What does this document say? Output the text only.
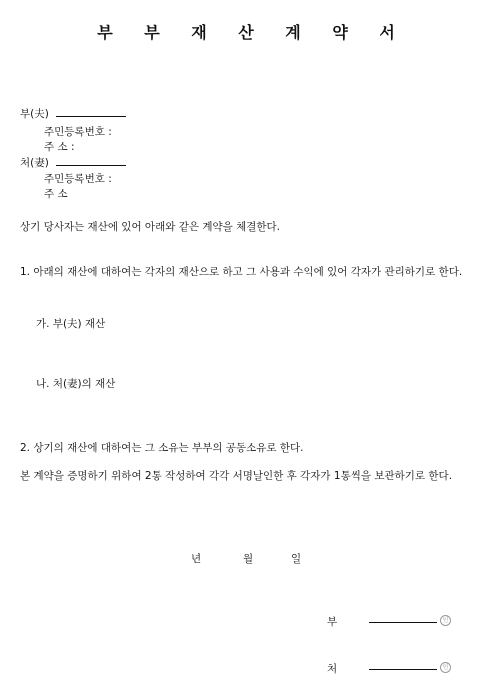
부 부 재 산 계 약 서
부(夫)
주민등록번호 :
주 소 :
처(妻)
주민등록번호 :
주 소
상기 당사자는 재산에 있어 아래와 같은 계약을 체결한다.
1. 아래의 재산에 대하여는 각자의 재산으로 하고 그 사용과 수익에 있어 각자가 관리하기로 한다.
가. 부(夫) 재산
나. 처(妻)의 재산
2. 상기의 재산에 대하여는 그 소유는 부부의 공동소유로 한다.
본 계약을 증명하기 위하여 2통 작성하여 각각 서명날인한 후 각자가 1통씩을 보관하기로 한다.
년	월	일
부	인
처	인
